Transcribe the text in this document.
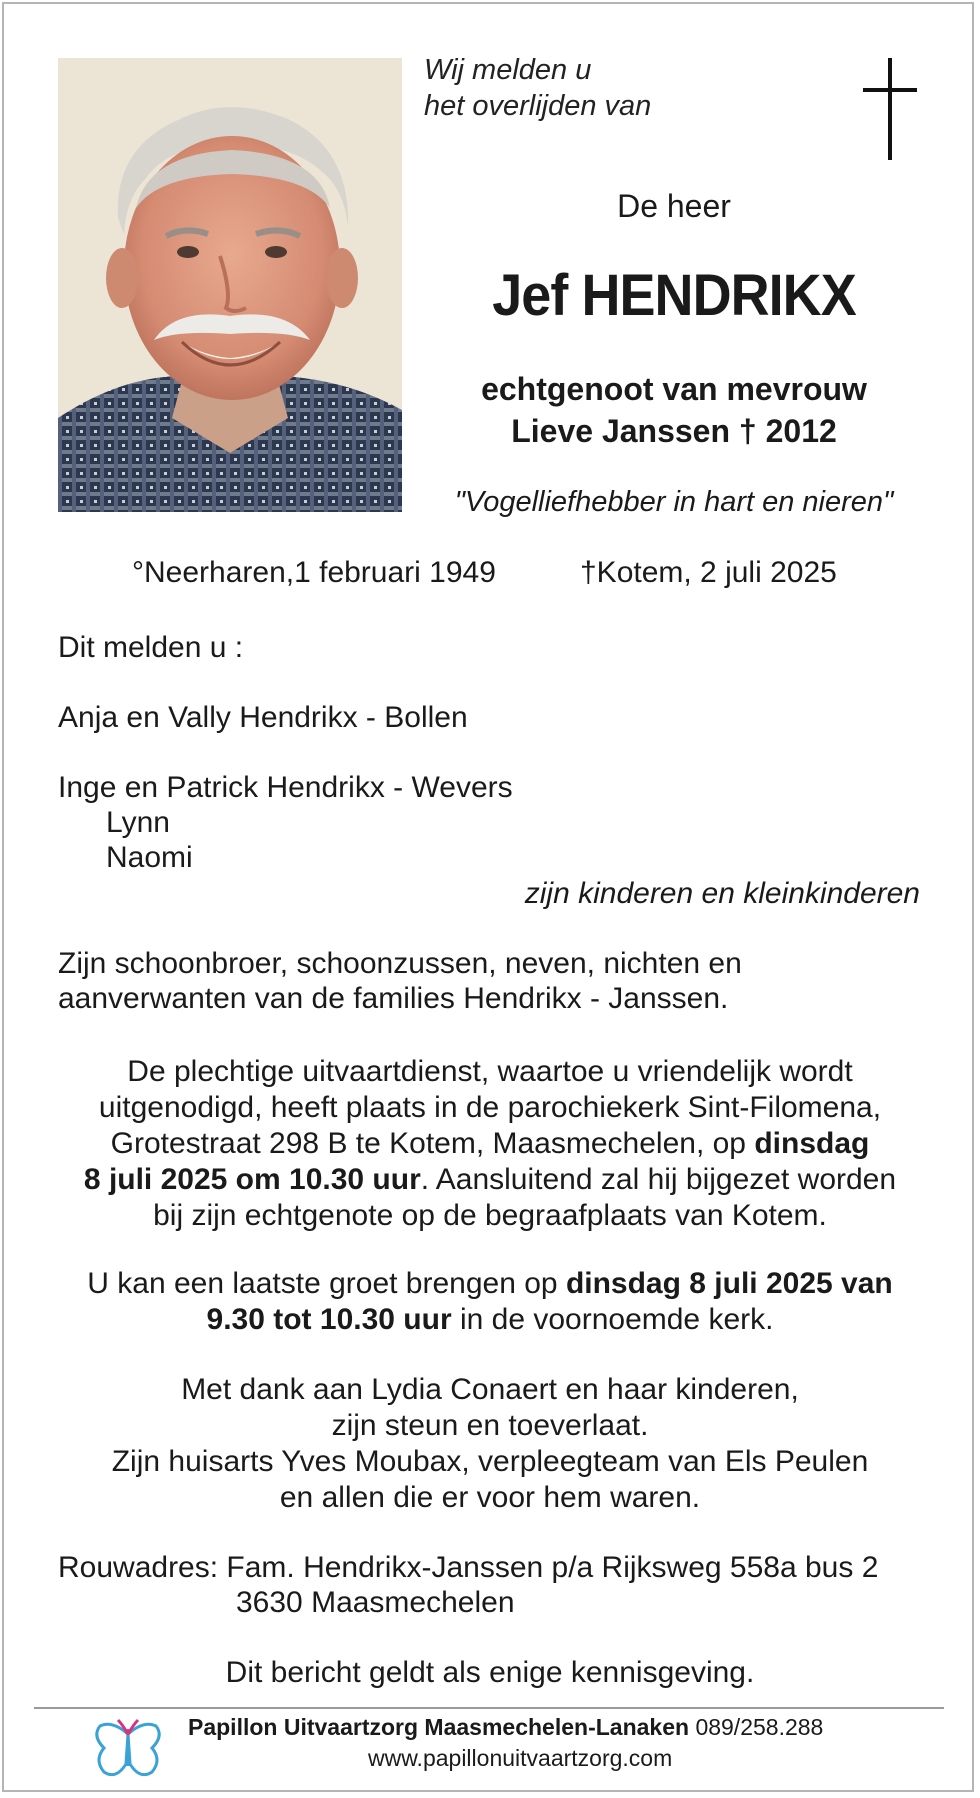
Wij melden u
het overlijden van
De heer
Jef HENDRIKX
echtgenoot van mevrouw
Lieve Janssen † 2012
"Vogelliefhebber in hart en nieren"
°Neerharen,1 februari 1949	†Kotem, 2 juli 2025
Dit melden u :
Anja en Vally Hendrikx - Bollen
Inge en Patrick Hendrikx - Wevers
Lynn
Naomi
zijn kinderen en kleinkinderen
Zijn schoonbroer, schoonzussen, neven, nichten en
aanverwanten van de families Hendrikx - Janssen.
De plechtige uitvaartdienst, waartoe u vriendelijk wordt
uitgenodigd, heeft plaats in de parochiekerk Sint-Filomena,
Grotestraat 298 B te Kotem, Maasmechelen, op dinsdag
8 juli 2025 om 10.30 uur. Aansluitend zal hij bijgezet worden
bij zijn echtgenote op de begraafplaats van Kotem.
U kan een laatste groet brengen op dinsdag 8 juli 2025 van
9.30 tot 10.30 uur in de voornoemde kerk.
Met dank aan Lydia Conaert en haar kinderen,
zijn steun en toeverlaat.
Zijn huisarts Yves Moubax, verpleegteam van Els Peulen
en allen die er voor hem waren.
Rouwadres: Fam. Hendrikx-Janssen p/a Rijksweg 558a bus 2
3630 Maasmechelen
Dit bericht geldt als enige kennisgeving.
Papillon Uitvaartzorg Maasmechelen-Lanaken 089/258.288
www.papillonuitvaartzorg.com
